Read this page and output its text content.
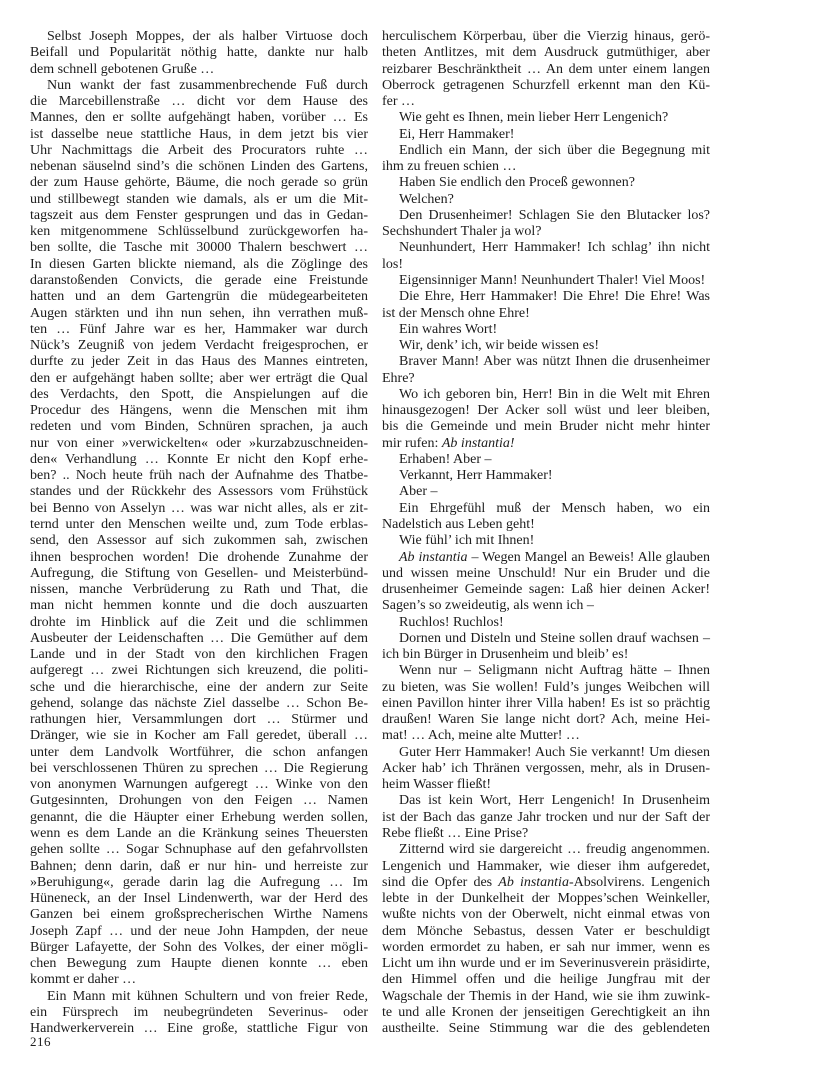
Selbst Joseph Moppes, der als halber Virtuose doch
Beifall und Popularität nöthig hatte, dankte nur halb
dem schnell gebotenen Gruße …
Nun wankt der fast zusammenbrechende Fuß durch
die Marcebillenstraße … dicht vor dem Hause des
Mannes, den er sollte aufgehängt haben, vorüber … Es
ist dasselbe neue stattliche Haus, in dem jetzt bis vier
Uhr Nachmittags die Arbeit des Procurators ruhte …
nebenan säuselnd sind’s die schönen Linden des Gartens,
der zum Hause gehörte, Bäume, die noch gerade so grün
und stillbewegt standen wie damals, als er um die Mit-
tagszeit aus dem Fenster gesprungen und das in Gedan-
ken mitgenommene Schlüsselbund zurückgeworfen ha-
ben sollte, die Tasche mit 30000 Thalern beschwert …
In diesen Garten blickte niemand, als die Zöglinge des
daranstoßenden Convicts, die gerade eine Freistunde
hatten und an dem Gartengrün die müdegearbeiteten
Augen stärkten und ihn nun sehen, ihn verrathen muß-
ten … Fünf Jahre war es her, Hammaker war durch
Nück’s Zeugniß von jedem Verdacht freigesprochen, er
durfte zu jeder Zeit in das Haus des Mannes eintreten,
den er aufgehängt haben sollte; aber wer erträgt die Qual
des Verdachts, den Spott, die Anspielungen auf die
Procedur des Hängens, wenn die Menschen mit ihm
redeten und vom Binden, Schnüren sprachen, ja auch
nur von einer »verwickelten« oder »kurzabzuschneiden-
den« Verhandlung … Konnte Er nicht den Kopf erhe-
ben? .. Noch heute früh nach der Aufnahme des Thatbe-
standes und der Rückkehr des Assessors vom Frühstück
bei Benno von Asselyn … was war nicht alles, als er zit-
ternd unter den Menschen weilte und, zum Tode erblas-
send, den Assessor auf sich zukommen sah, zwischen
ihnen besprochen worden! Die drohende Zunahme der
Aufregung, die Stiftung von Gesellen- und Meisterbünd-
nissen, manche Verbrüderung zu Rath und That, die
man nicht hemmen konnte und die doch auszuarten
drohte im Hinblick auf die Zeit und die schlimmen
Ausbeuter der Leidenschaften … Die Gemüther auf dem
Lande und in der Stadt von den kirchlichen Fragen
aufgeregt … zwei Richtungen sich kreuzend, die politi-
sche und die hierarchische, eine der andern zur Seite
gehend, solange das nächste Ziel dasselbe … Schon Be-
rathungen hier, Versammlungen dort … Stürmer und
Dränger, wie sie in Kocher am Fall geredet, überall …
unter dem Landvolk Wortführer, die schon anfangen
bei verschlossenen Thüren zu sprechen … Die Regierung
von anonymen Warnungen aufgeregt … Winke von den
Gutgesinnten, Drohungen von den Feigen … Namen
genannt, die die Häupter einer Erhebung werden sollen,
wenn es dem Lande an die Kränkung seines Theuersten
gehen sollte … Sogar Schnuphase auf den gefahrvollsten
Bahnen; denn darin, daß er nur hin- und herreiste zur
»Beruhigung«, gerade darin lag die Aufregung … Im
Hüneneck, an der Insel Lindenwerth, war der Herd des
Ganzen bei einem großsprecherischen Wirthe Namens
Joseph Zapf … und der neue John Hampden, der neue
Bürger Lafayette, der Sohn des Volkes, der einer mögli-
chen Bewegung zum Haupte dienen konnte … eben
kommt er daher …
Ein Mann mit kühnen Schultern und von freier Rede,
ein Fürsprech im neubegründeten Severinus- oder
Handwerkerverein … Eine große, stattliche Figur von
herculischem Körperbau, über die Vierzig hinaus, gerö-
theten Antlitzes, mit dem Ausdruck gutmüthiger, aber
reizbarer Beschränktheit … An dem unter einem langen
Oberrock getragenen Schurzfell erkennt man den Kü-
fer …
Wie geht es Ihnen, mein lieber Herr Lengenich?
Ei, Herr Hammaker!
Endlich ein Mann, der sich über die Begegnung mit
ihm zu freuen schien …
Haben Sie endlich den Proceß gewonnen?
Welchen?
Den Drusenheimer! Schlagen Sie den Blutacker los?
Sechshundert Thaler ja wol?
Neunhundert, Herr Hammaker! Ich schlag’ ihn nicht
los!
Eigensinniger Mann! Neunhundert Thaler! Viel Moos!
Die Ehre, Herr Hammaker! Die Ehre! Die Ehre! Was
ist der Mensch ohne Ehre!
Ein wahres Wort!
Wir, denk’ ich, wir beide wissen es!
Braver Mann! Aber was nützt Ihnen die drusenheimer
Ehre?
Wo ich geboren bin, Herr! Bin in die Welt mit Ehren
hinausgezogen! Der Acker soll wüst und leer bleiben,
bis die Gemeinde und mein Bruder nicht mehr hinter
mir rufen: Ab instantia!
Erhaben! Aber –
Verkannt, Herr Hammaker!
Aber –
Ein Ehrgefühl muß der Mensch haben, wo ein
Nadelstich aus Leben geht!
Wie fühl’ ich mit Ihnen!
Ab instantia – Wegen Mangel an Beweis! Alle glauben
und wissen meine Unschuld! Nur ein Bruder und die
drusenheimer Gemeinde sagen: Laß hier deinen Acker!
Sagen’s so zweideutig, als wenn ich –
Ruchlos! Ruchlos!
Dornen und Disteln und Steine sollen drauf wachsen –
ich bin Bürger in Drusenheim und bleib’ es!
Wenn nur – Seligmann nicht Auftrag hätte – Ihnen
zu bieten, was Sie wollen! Fuld’s junges Weibchen will
einen Pavillon hinter ihrer Villa haben! Es ist so prächtig
draußen! Waren Sie lange nicht dort? Ach, meine Hei-
mat! … Ach, meine alte Mutter! …
Guter Herr Hammaker! Auch Sie verkannt! Um diesen
Acker hab’ ich Thränen vergossen, mehr, als in Drusen-
heim Wasser fließt!
Das ist kein Wort, Herr Lengenich! In Drusenheim
ist der Bach das ganze Jahr trocken und nur der Saft der
Rebe fließt … Eine Prise?
Zitternd wird sie dargereicht … freudig angenommen.
Lengenich und Hammaker, wie dieser ihm aufgeredet,
sind die Opfer des Ab instantia-Absolvirens. Lengenich
lebte in der Dunkelheit der Moppes’schen Weinkeller,
wußte nichts von der Oberwelt, nicht einmal etwas von
dem Mönche Sebastus, dessen Vater er beschuldigt
worden ermordet zu haben, er sah nur immer, wenn es
Licht um ihn wurde und er im Severinusverein präsidirte,
den Himmel offen und die heilige Jungfrau mit der
Wagschale der Themis in der Hand, wie sie ihm zuwink-
te und alle Kronen der jenseitigen Gerechtigkeit an ihn
austheilte. Seine Stimmung war die des geblendeten
216
